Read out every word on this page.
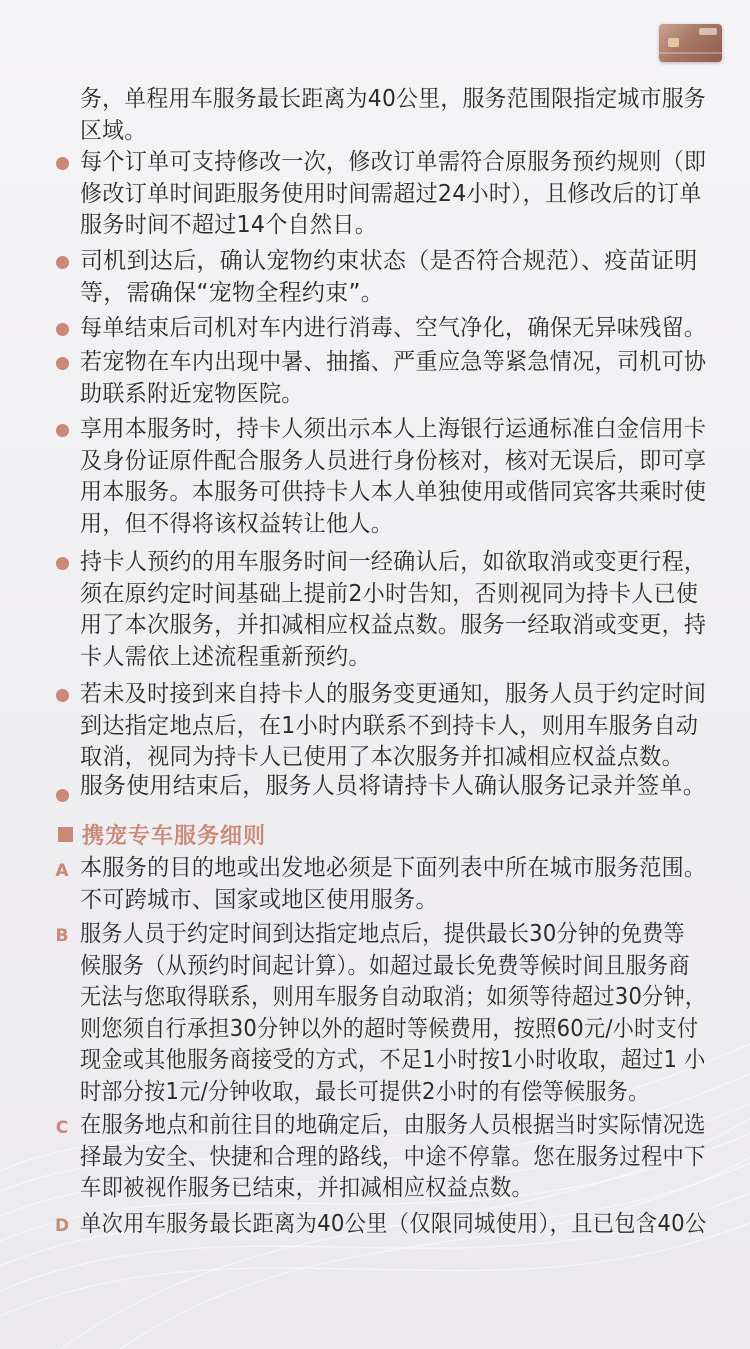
务，单程用车服务最长距离为40公里，服务范围限指定城市服务
区域。
每个订单可支持修改一次，修改订单需符合原服务预约规则（即
修改订单时间距服务使用时间需超过24小时），且修改后的订单
服务时间不超过14个自然日。
司机到达后，确认宠物约束状态（是否符合规范）、疫苗证明
等，需确保“宠物全程约束”。
每单结束后司机对车内进行消毒、空气净化，确保无异味残留。
若宠物在车内出现中暑、抽搐、严重应急等紧急情况，司机可协
助联系附近宠物医院。
享用本服务时，持卡人须出示本人上海银行运通标准白金信用卡
及身份证原件配合服务人员进行身份核对，核对无误后，即可享
用本服务。本服务可供持卡人本人单独使用或偕同宾客共乘时使
用，但不得将该权益转让他人。
持卡人预约的用车服务时间一经确认后，如欲取消或变更行程，
须在原约定时间基础上提前2小时告知，否则视同为持卡人已使
用了本次服务，并扣减相应权益点数。服务一经取消或变更，持
卡人需依上述流程重新预约。
若未及时接到来自持卡人的服务变更通知，服务人员于约定时间
到达指定地点后，在1小时内联系不到持卡人，则用车服务自动
取消，视同为持卡人已使用了本次服务并扣减相应权益点数。
服务使用结束后，服务人员将请持卡人确认服务记录并签单。
携宠专车服务细则
A 本服务的目的地或出发地必须是下面列表中所在城市服务范围。
不可跨城市、国家或地区使用服务。
B 服务人员于约定时间到达指定地点后，提供最长30分钟的免费等
候服务（从预约时间起计算）。如超过最长免费等候时间且服务商
无法与您取得联系，则用车服务自动取消；如须等待超过30分钟，
则您须自行承担30分钟以外的超时等候费用，按照60元/小时支付
现金或其他服务商接受的方式，不足1小时按1小时收取，超过1 小
时部分按1元/分钟收取，最长可提供2小时的有偿等候服务。
C 在服务地点和前往目的地确定后，由服务人员根据当时实际情况选
择最为安全、快捷和合理的路线，中途不停靠。您在服务过程中下
车即被视作服务已结束，并扣减相应权益点数。
D 单次用车服务最长距离为40公里（仅限同城使用），且已包含40公
